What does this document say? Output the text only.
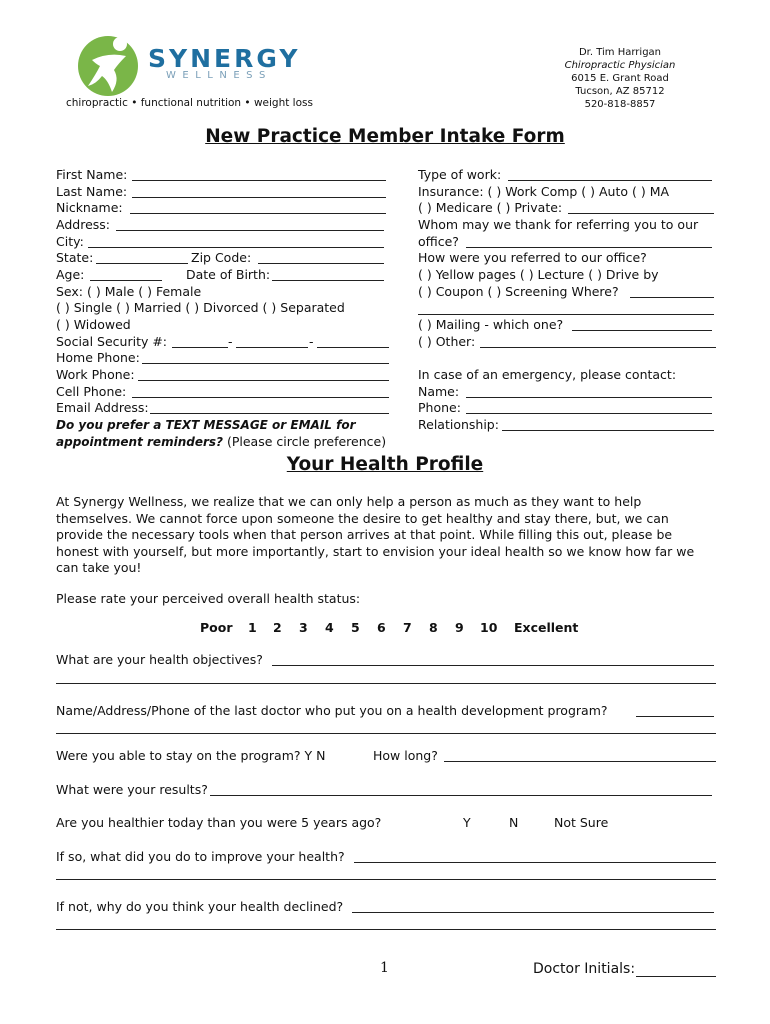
SYNERGY
WELLNESS
chiropractic • functional nutrition • weight loss
Dr. Tim Harrigan
Chiropractic Physician
6015 E. Grant Road
Tucson, AZ 85712
520-818-8857
New Practice Member Intake Form
First Name:
Last Name:
Nickname:
Address:
City:
State:	Zip Code:
Age:	Date of Birth:
Sex: ( ) Male ( ) Female
( ) Single ( ) Married ( ) Divorced ( ) Separated
( ) Widowed
Social Security #:	-	-
Home Phone:
Work Phone:
Cell Phone:
Email Address:
Do you prefer a TEXT MESSAGE or EMAIL for
appointment reminders? (Please circle preference)
Type of work:
Insurance: ( ) Work Comp ( ) Auto ( ) MA
( ) Medicare ( ) Private:
Whom may we thank for referring you to our
office?
How were you referred to our office?
( ) Yellow pages ( ) Lecture ( ) Drive by
( ) Coupon ( ) Screening Where?
( ) Mailing - which one?
( ) Other:
In case of an emergency, please contact:
Name:
Phone:
Relationship:
Your Health Profile
At Synergy Wellness, we realize that we can only help a person as much as they want to help themselves. We cannot force upon someone the desire to get healthy and stay there, but, we can provide the necessary tools when that person arrives at that point. While filling this out, please be honest with yourself, but more importantly, start to envision your ideal health so we know how far we can take you!
Please rate your perceived overall health status:
Poor 1 2 3 4 5 6 7 8 9 10 Excellent
What are your health objectives?
Name/Address/Phone of the last doctor who put you on a health development program?
Were you able to stay on the program? Y N	How long?
What were your results?
Are you healthier today than you were 5 years ago?	Y	N	Not Sure
If so, what did you do to improve your health?
If not, why do you think your health declined?
1	Doctor Initials:
